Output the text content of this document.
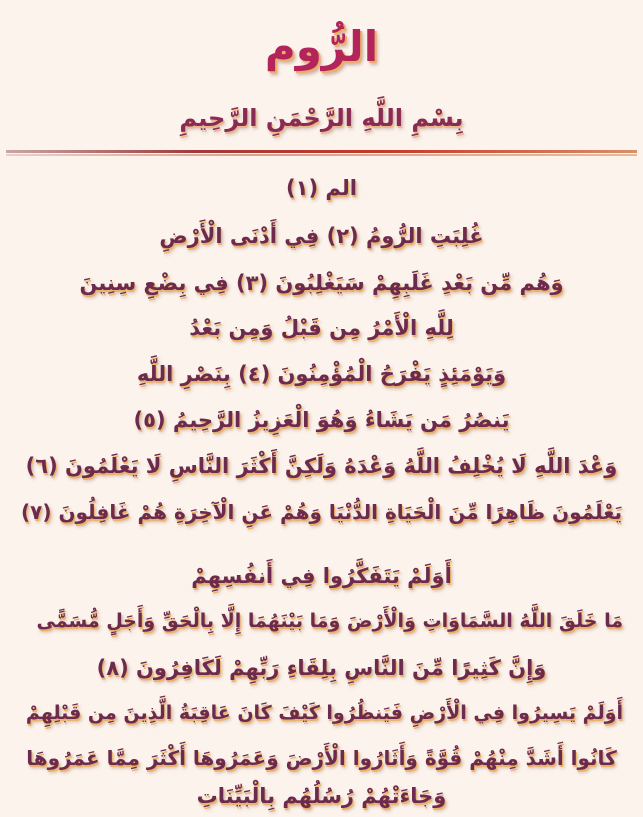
الرُّوم
بِسْمِ اللَّهِ الرَّحْمَنِ الرَّحِيمِ
الم (١)
غُلِبَتِ الرُّومُ (٢) فِي أَدْنَى الْأَرْضِ
وَهُم مِّن بَعْدِ غَلَبِهِمْ سَيَغْلِبُونَ (٣) فِي بِضْعِ سِنِينَ
لِلَّهِ الْأَمْرُ مِن قَبْلُ وَمِن بَعْدُ
وَيَوْمَئِذٍ يَفْرَحُ الْمُؤْمِنُونَ (٤) بِنَصْرِ اللَّهِ
يَنصُرُ مَن يَشَاءُ وَهُوَ الْعَزِيزُ الرَّحِيمُ (٥)
وَعْدَ اللَّهِ لَا يُخْلِفُ اللَّهُ وَعْدَهُ وَلَكِنَّ أَكْثَرَ النَّاسِ لَا يَعْلَمُونَ (٦)
يَعْلَمُونَ ظَاهِرًا مِّنَ الْحَيَاةِ الدُّنْيَا وَهُمْ عَنِ الْآخِرَةِ هُمْ غَافِلُونَ (٧)
أَوَلَمْ يَتَفَكَّرُوا فِي أَنفُسِهِمْ
مَا خَلَقَ اللَّهُ السَّمَاوَاتِ وَالْأَرْضَ وَمَا بَيْنَهُمَا إِلَّا بِالْحَقِّ وَأَجَلٍ مُّسَمًّى
وَإِنَّ كَثِيرًا مِّنَ النَّاسِ بِلِقَاءِ رَبِّهِمْ لَكَافِرُونَ (٨)
أَوَلَمْ يَسِيرُوا فِي الْأَرْضِ فَيَنظُرُوا كَيْفَ كَانَ عَاقِبَةُ الَّذِينَ مِن قَبْلِهِمْ
كَانُوا أَشَدَّ مِنْهُمْ قُوَّةً وَأَثَارُوا الْأَرْضَ وَعَمَرُوهَا أَكْثَرَ مِمَّا عَمَرُوهَا
وَجَاءَتْهُمْ رُسُلُهُم بِالْبَيِّنَاتِ
